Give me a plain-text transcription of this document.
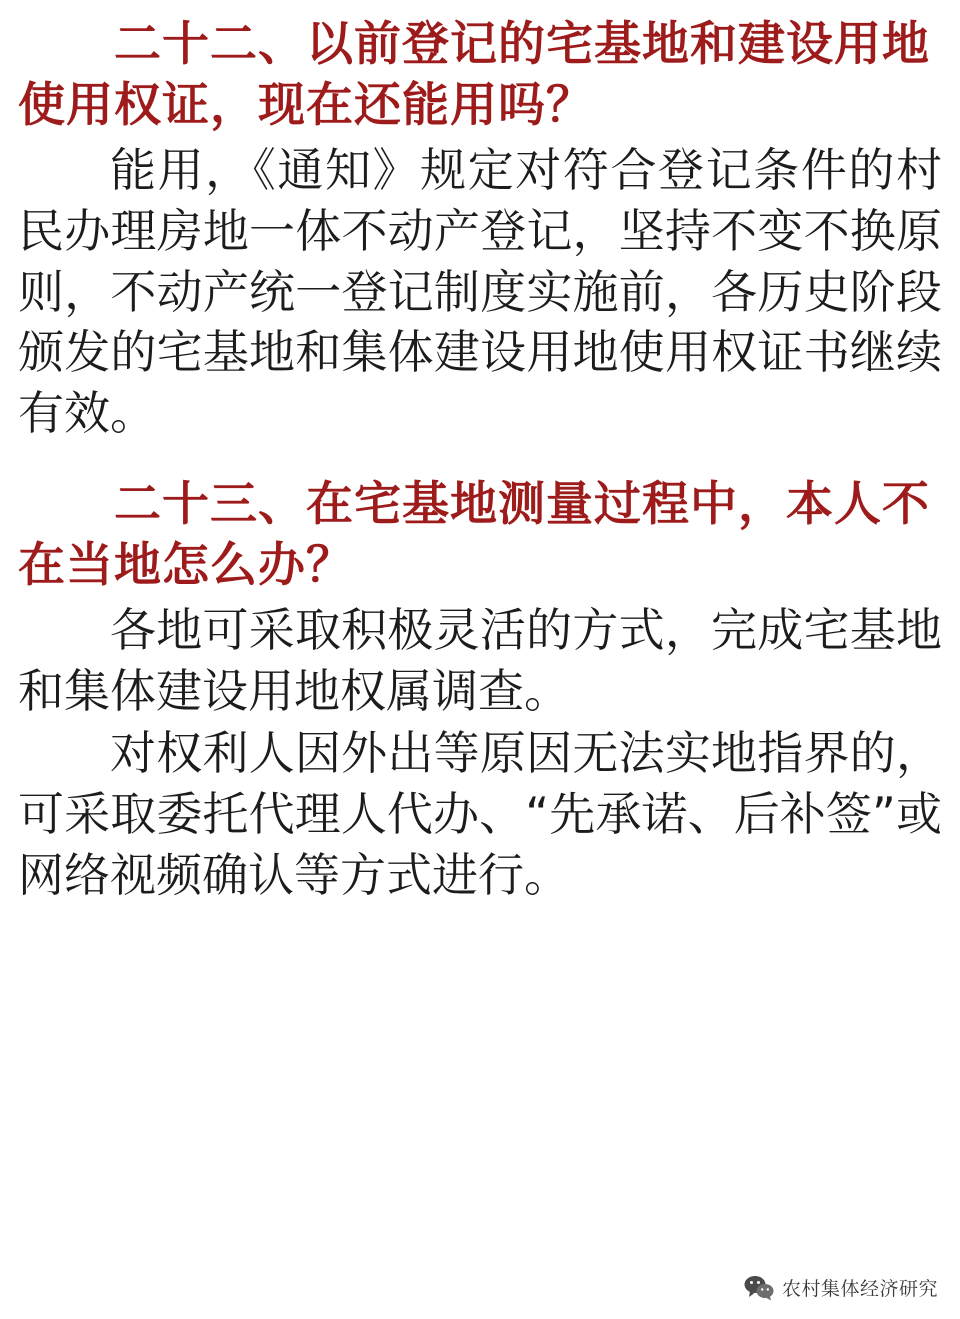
二十二、以前登记的宅基地和建设用地使用权证，现在还能用吗？

能用，《通知》规定对符合登记条件的村民办理房地一体不动产登记，坚持不变不换原则，不动产统一登记制度实施前，各历史阶段颁发的宅基地和集体建设用地使用权证书继续有效。

二十三、在宅基地测量过程中，本人不在当地怎么办？

各地可采取积极灵活的方式，完成宅基地和集体建设用地权属调查。

对权利人因外出等原因无法实地指界的，可采取委托代理人代办、“先承诺、后补签”或网络视频确认等方式进行。

农村集体经济研究
